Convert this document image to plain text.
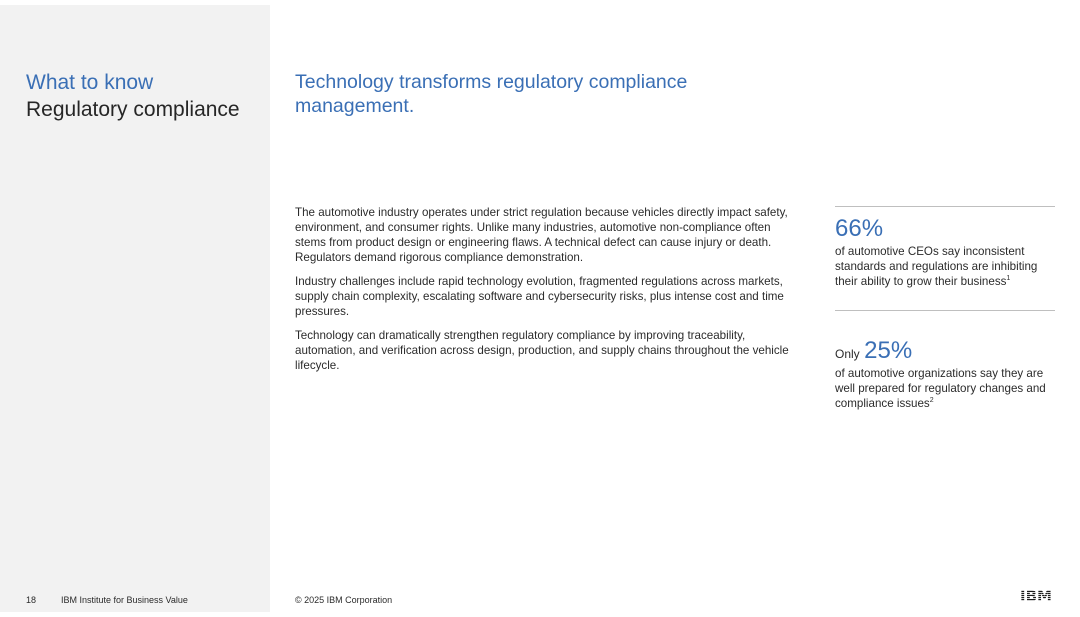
What to know
Regulatory compliance
Technology transforms regulatory compliance management.

The automotive industry operates under strict regulation because vehicles directly impact safety, environment, and consumer rights. Unlike many industries, automotive non-compliance often stems from product design or engineering flaws. A technical defect can cause injury or death. Regulators demand rigorous compliance demonstration.

Industry challenges include rapid technology evolution, fragmented regulations across markets, supply chain complexity, escalating software and cybersecurity risks, plus intense cost and time pressures.

Technology can dramatically strengthen regulatory compliance by improving traceability, automation, and verification across design, production, and supply chains throughout the vehicle lifecycle.

66%
of automotive CEOs say inconsistent standards and regulations are inhibiting their ability to grow their business$^1$
Only 25%
of automotive organizations say they are well prepared for regulatory changes and compliance issues$^2$
18	IBM Institute for Business Value	© 2025 IBM Corporation	IBM
